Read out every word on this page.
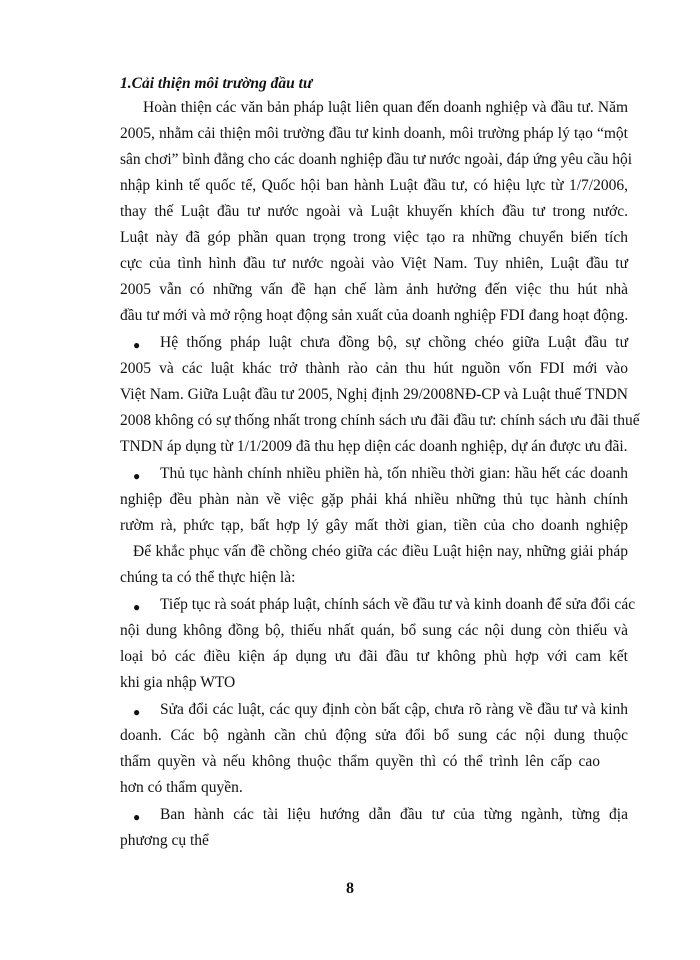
1.Cải thiện môi trường đầu tư
Hoàn thiện các văn bản pháp luật liên quan đến doanh nghiệp và đầu tư. Năm
2005, nhằm cải thiện môi trường đầu tư kinh doanh, môi trường pháp lý tạo “một
sân chơi” bình đẳng cho các doanh nghiệp đầu tư nước ngoài, đáp ứng yêu cầu hội
nhập kinh tế quốc tế, Quốc hội ban hành Luật đầu tư, có hiệu lực từ 1/7/2006,
thay thế Luật đầu tư nước ngoài và Luật khuyến khích đầu tư trong nước.
Luật này đã góp phần quan trọng trong việc tạo ra những chuyển biến tích
cực của tình hình đầu tư nước ngoài vào Việt Nam. Tuy nhiên, Luật đầu tư
2005 vẫn có những vấn đề hạn chế làm ảnh hưởng đến việc thu hút nhà
đầu tư mới và mở rộng hoạt động sản xuất của doanh nghiệp FDI đang hoạt động.
● Hệ thống pháp luật chưa đồng bộ, sự chồng chéo giữa Luật đầu tư
2005 và các luật khác trở thành rào cản thu hút nguồn vốn FDI mới vào
Việt Nam. Giữa Luật đầu tư 2005, Nghị định 29/2008NĐ-CP và Luật thuế TNDN
2008 không có sự thống nhất trong chính sách ưu đãi đầu tư: chính sách ưu đãi thuế
TNDN áp dụng từ 1/1/2009 đã thu hẹp diện các doanh nghiệp, dự án được ưu đãi.
● Thủ tục hành chính nhiều phiền hà, tốn nhiều thời gian: hầu hết các doanh
nghiệp đều phàn nàn về việc gặp phải khá nhiều những thủ tục hành chính
rườm rà, phức tạp, bất hợp lý gây mất thời gian, tiền của cho doanh nghiệp
Để khắc phục vấn đề chồng chéo giữa các điều Luật hiện nay, những giải pháp
chúng ta có thể thực hiện là:
● Tiếp tục rà soát pháp luật, chính sách về đầu tư và kinh doanh để sửa đổi các
nội dung không đồng bộ, thiếu nhất quán, bổ sung các nội dung còn thiếu và
loại bỏ các điều kiện áp dụng ưu đãi đầu tư không phù hợp với cam kết
khi gia nhập WTO
● Sửa đổi các luật, các quy định còn bất cập, chưa rõ ràng về đầu tư và kinh
doanh. Các bộ ngành cần chủ động sửa đổi bổ sung các nội dung thuộc
thẩm quyền và nếu không thuộc thẩm quyền thì có thể trình lên cấp cao
hơn có thẩm quyền.
● Ban hành các tài liệu hướng dẫn đầu tư của từng ngành, từng địa
phương cụ thể
8
